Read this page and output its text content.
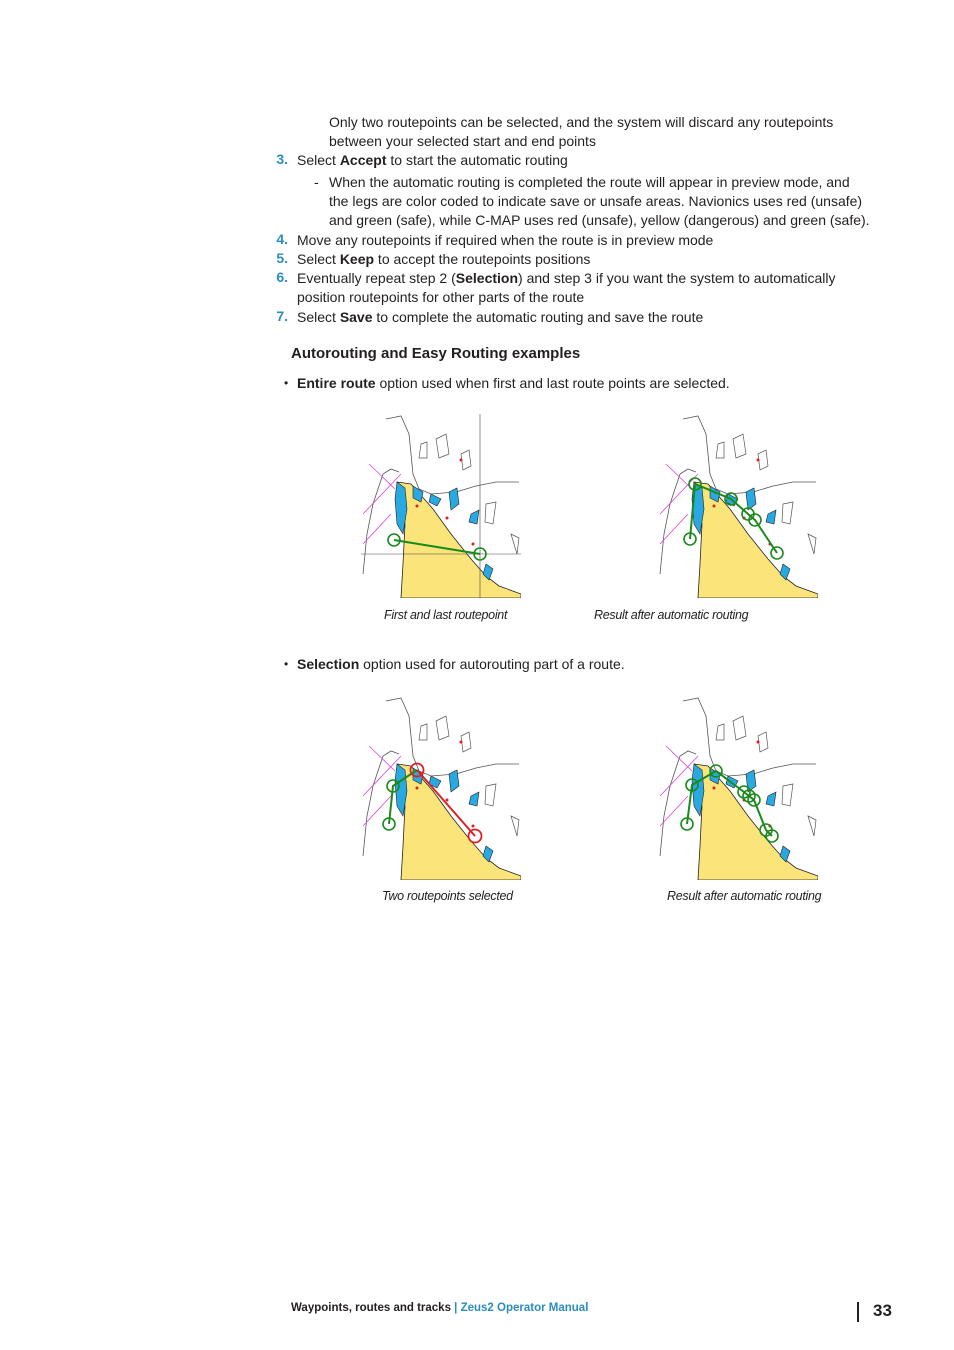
Only two routepoints can be selected, and the system will discard any routepoints
between your selected start and end points
3. Select Accept to start the automatic routing
- When the automatic routing is completed the route will appear in preview mode, and
the legs are color coded to indicate save or unsafe areas. Navionics uses red (unsafe)
and green (safe), while C-MAP uses red (unsafe), yellow (dangerous) and green (safe).
4. Move any routepoints if required when the route is in preview mode
5. Select Keep to accept the routepoints positions
6. Eventually repeat step 2 (Selection) and step 3 if you want the system to automatically
position routepoints for other parts of the route
7. Select Save to complete the automatic routing and save the route
Autorouting and Easy Routing examples
• Entire route option used when first and last route points are selected.
First and last routepoint	Result after automatic routing
• Selection option used for autorouting part of a route.
Two routepoints selected	Result after automatic routing
Waypoints, routes and tracks | Zeus2 Operator Manual	33
